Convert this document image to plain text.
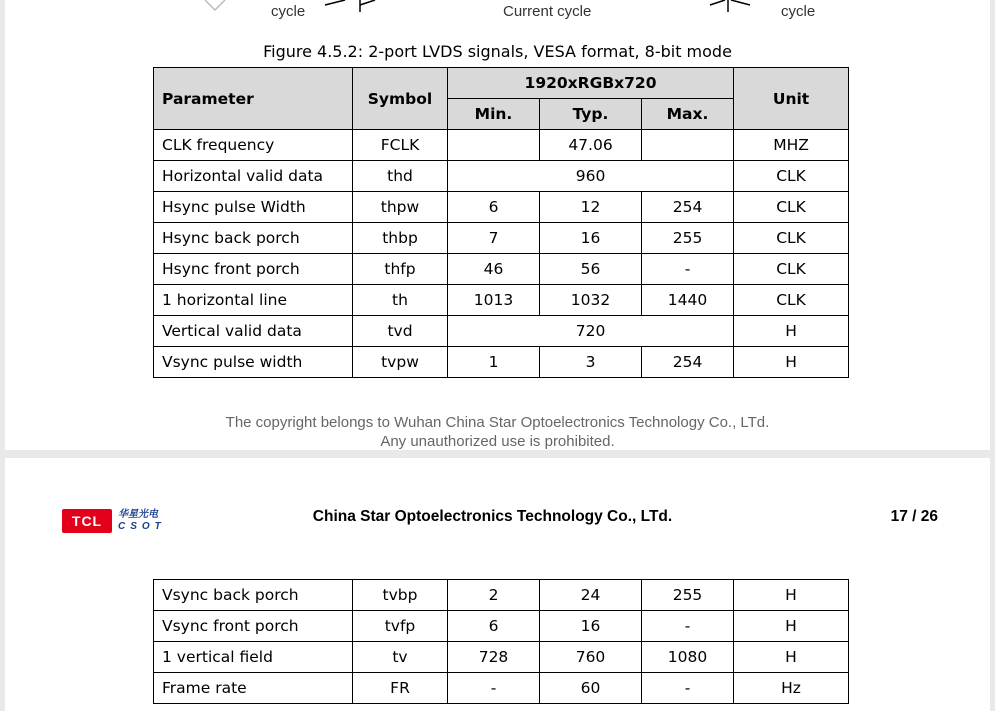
cycle	Current cycle	cycle
Figure 4.5.2: 2-port LVDS signals, VESA format, 8-bit mode
Parameter	Symbol	1920xRGBx720			Unit
		Min.	Typ.	Max.	
CLK frequency	FCLK		47.06		MHZ
Horizontal valid data	thd	960			CLK
Hsync pulse Width	thpw	6	12	254	CLK
Hsync back porch	thbp	7	16	255	CLK
Hsync front porch	thfp	46	56	-	CLK
1 horizontal line	th	1013	1032	1440	CLK
Vertical valid data	tvd	720			H
Vsync pulse width	tvpw	1	3	254	H
The copyright belongs to Wuhan China Star Optoelectronics Technology Co., LTd.
Any unauthorized use is prohibited.
TCL	华星光电
CSOT
China Star Optoelectronics Technology Co., LTd.	17 / 26
Vsync back porch	tvbp	2	24	255	H
Vsync front porch	tvfp	6	16	-	H
1 vertical field	tv	728	760	1080	H
Frame rate	FR	-	60	-	Hz
